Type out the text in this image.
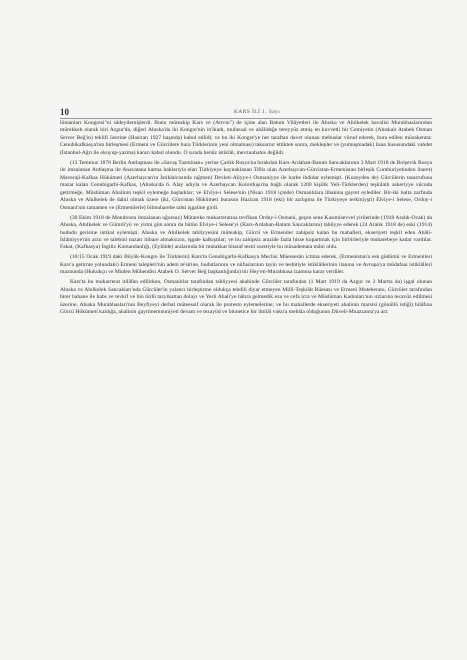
10	KARS İLİ 1. Sayı

lümanları Kongresi"ni sâdeyilemişlerdi. Bunu müteakip Kars ve (Artvin") de içine alan Batum Vilâyetleri ile Ahıska ve Ahılkelek havalisi Murahhaslarından mürekkeb olarak biri Azgur'da, diğeri Ahıska'da iki Kongre'nin in'ikadı, mufassal ve ahâlideğe tereyyüz etmiş en kuvvetli bir Cemiyetin (Ahıskalı Atabek Osman Server Beğ'in) teklifi üzerine (Haziran 1927 başında) kabul edildi; ve bu iki Kongre'ye her taraftan davet olunan mebuslar vürud ederek, bura edilen müzakerata: Cenubikafkasya'nın birleşmesi (Ermeni ve Gürcülere bura Türklerinin yeni olmaması) taksarrur ettikten sonra, meklepler ve (yumuşmadak) lisan hususundaki vahdet (İstanbul-Ağrı ile okuyup-yazma) kararı kabul olundu. O sırada henüz istiklâl, mevzuubahis değildi.

(13 Temmuz 1878 Berlin Antlaşması ile «Savaş Tazminatı» yerine Çarlık Rusya'na bırakılan Kars-Ardahan-Batum Sancaklarının 3 Mart 1918 de Bolşevik Rusya ile imzalanan Antlaşma ile Anavatana katma haklarıyla elan Türkiyeye kaynaklanan Tiflis olan Azerbaycan-Gürcistan-Ermenistan birleşik Cumhuriyetinden ibaret) Maveraji-Kafkas Hükümeti (Azerbaycan'ın İstiklalcısında rağmen) Devleti-Aliyye-i Osmaniyye ile harbe ihdidar eylemişti. (Kuzeyden de) Gürcülerin tasarrufuna mazar kalan Cenubigarbi-Kafkas, (Ahıska'da 6. Alay adıyla ve Azerbaycan Kolorduşu'na bağlı olarak 1200 kişilik Yeli-Türklerden) teşkilatlı askeriyye vücuda getirmeğe, Müslüman Ahalinin teşkil eylemeğe başladılar; ve Elviye-i Selese'nin (Nisan 1918 içinde) Osmanlılara ilhakına gayret eylediler. Bir-iki halta zarfında Ahıska ve Ahılkelek de dahil olmak üzere (iki, Gürcistan Hükümeti burasını Haziran 1918 (eki) bir azılıgma ile Türkiyeye terkiniyşti) Elviye-i Selese, Orduy-i Osmani'nin tamamen ve (Ermenilerle) bilmuharebe tahti işgaline girdi.

(30 Ekim 1918 de Mondrosta imzalanan uğursuz) Mütareke mukarreratına tevfikan Orduy-i Osmani, geçen sene Kasımisevvel yirilerinde (1918 Aralık-Ocak) da Ahıska, Ahılkelek ve Gümrü'yü ve yirmi gün sonra da bütün Elviye-i Selese'yi (Kars-Ardahan-Batum Sancaklarını) tahliyye ederek (24 Aralık 1918 de) eski (1914) hududu gerisine intikal eylemişti. Ahıska ve Ahılkelek tahliyyesini müteakip, Gürcü ve Ermeniler zahipsiz kalan bu mahalleri, ekseriyeti teşkil eden Ahâli-İslâmiyye'nin arzu ve talebini nazarı itibare almaksızın, işgale kalkıştılar; ve bu zahipsiz arazide fazla hisse kopartmak için birbirleriyle muharebeye kadar vardılar. Fakat, (Kafkasya) İngiliz Kumandanlığı, (Eylülde) aralarında bir mutakkat bitaraf testıl suretiyle bu müsademata mâni oldu.

(10/15 Ocak 1919 daki Büyük-Kongre ile Türklerin) Kars'ta Cenubigarbi-Kafkasya Meclisi Müessesân ictima ederek, (Ermenistan'a esk güdümü ve Ermenileri Kars'a getirme yolundaki) Ermeni talepleri'nin adem te'sirine, hudutlarının ve nüfuslarının tayin ve tesbitiyle istiklâllerinin ilanına ve Avrupa'ya müdafaai istiklâlleri maznunda (Hukukçu ve Muden Mühendisi Atabek O. Server Beğ başkanlığında) bir Hey'eti-Murahhasa izamına karar verdiler.

Kars'ta bu mukarrerat itilâfan edilirken, Osmanlılar tarafından tahliyyesi akabinde Gürcüler tarafından (1 Mart 1919 da Azgur ve 2 Martta da) işgal olunan Ahıska ve Ahılkelek Sancakları'nda Gürcüler'in yalancı birleştirme oldukça tebdili diyar etmeyen Millî-Teşkilât Rüesası ve Ermeni Muteberanı, Gürcüler tarafından birer bahane ile habs ve tevkif ve bin türlü tazyikattan dolayı ve Yerli Ahali'ye hâtıra gelmedik eza ve cefa icra ve Müslüman Kadınları'nın ırzlarına tecavüz edilmesi üzerine, Ahıska Murahhasları'nın Beyfiyeyi derhal müteessif olarak ile protesto eylemelerine; ve bu mahallerde ekseriyeti ahalinin marsisi (gönüllü istiği) hilâfına Gürcü Hükûmeti kaldığa, ahalinin gayrimemnuniyeti devam ve tezayüd ve binnetice bir ihtilâl vuku'a meblâa olduğunun Düveli-Muazzama'ya arz
